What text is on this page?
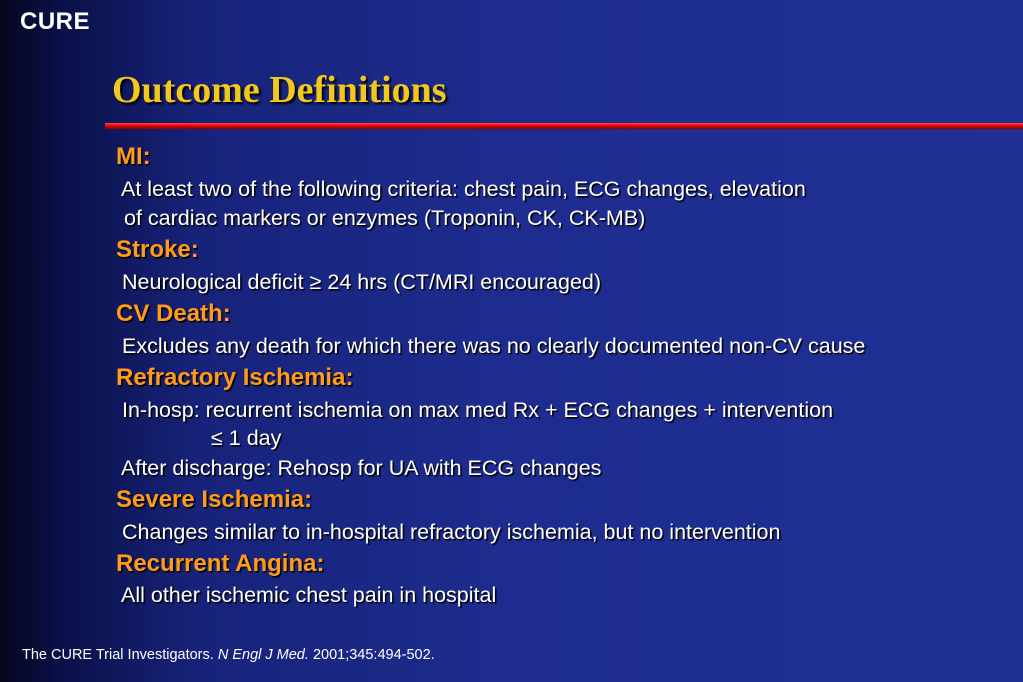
CURE
Outcome Definitions
MI:
At least two of the following criteria: chest pain, ECG changes, elevation
of cardiac markers or enzymes (Troponin, CK, CK-MB)
Stroke:
Neurological deficit ≥ 24 hrs (CT/MRI encouraged)
CV Death:
Excludes any death for which there was no clearly documented non-CV cause
Refractory Ischemia:
In-hosp: recurrent ischemia on max med Rx + ECG changes + intervention
≤ 1 day
After discharge: Rehosp for UA with ECG changes
Severe Ischemia:
Changes similar to in-hospital refractory ischemia, but no intervention
Recurrent Angina:
All other ischemic chest pain in hospital
The CURE Trial Investigators. N Engl J Med. 2001;345:494-502.
